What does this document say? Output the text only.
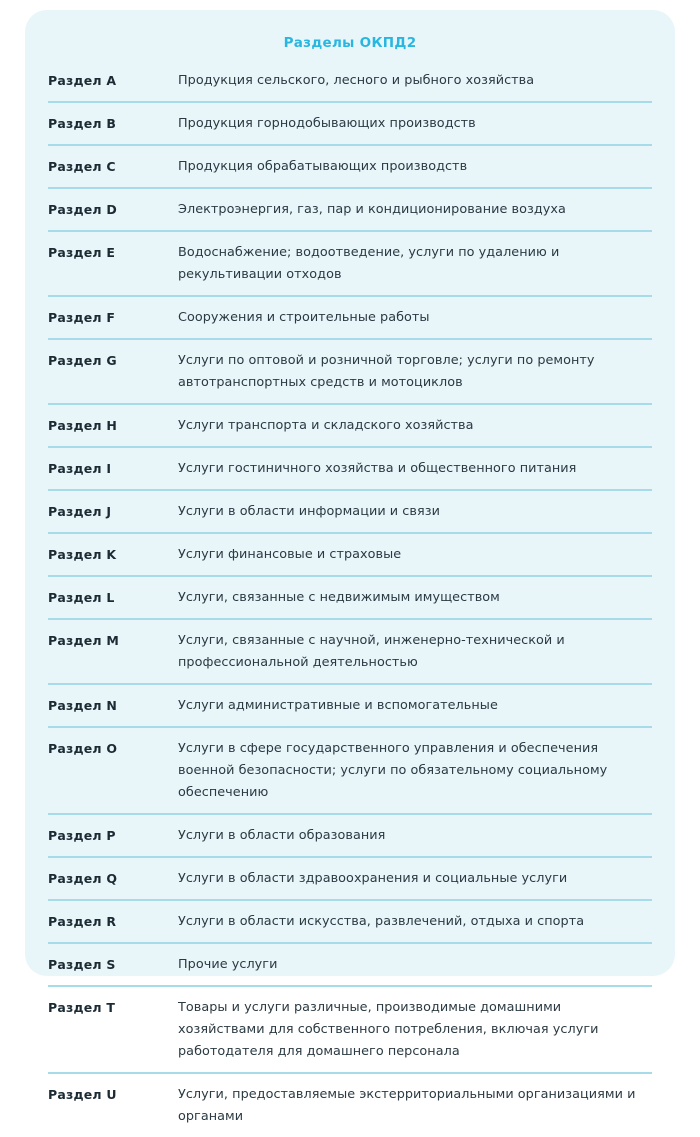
Разделы ОКПД2
Раздел A	Продукция сельского, лесного и рыбного хозяйства
Раздел B	Продукция горнодобывающих производств
Раздел C	Продукция обрабатывающих производств
Раздел D	Электроэнергия, газ, пар и кондиционирование воздуха
Раздел E	Водоснабжение; водоотведение, услуги по удалению и рекультивации отходов
Раздел F	Сооружения и строительные работы
Раздел G	Услуги по оптовой и розничной торговле; услуги по ремонту автотранспортных средств и мотоциклов
Раздел H	Услуги транспорта и складского хозяйства
Раздел I	Услуги гостиничного хозяйства и общественного питания
Раздел J	Услуги в области информации и связи
Раздел K	Услуги финансовые и страховые
Раздел L	Услуги, связанные с недвижимым имуществом
Раздел M	Услуги, связанные с научной, инженерно-технической и профессиональной деятельностью
Раздел N	Услуги административные и вспомогательные
Раздел O	Услуги в сфере государственного управления и обеспечения военной безопасности; услуги по обязательному социальному обеспечению
Раздел P	Услуги в области образования
Раздел Q	Услуги в области здравоохранения и социальные услуги
Раздел R	Услуги в области искусства, развлечений, отдыха и спорта
Раздел S	Прочие услуги
Раздел T	Товары и услуги различные, производимые домашними хозяйствами для собственного потребления, включая услуги работодателя для домашнего персонала
Раздел U	Услуги, предоставляемые экстерриториальными организациями и органами
